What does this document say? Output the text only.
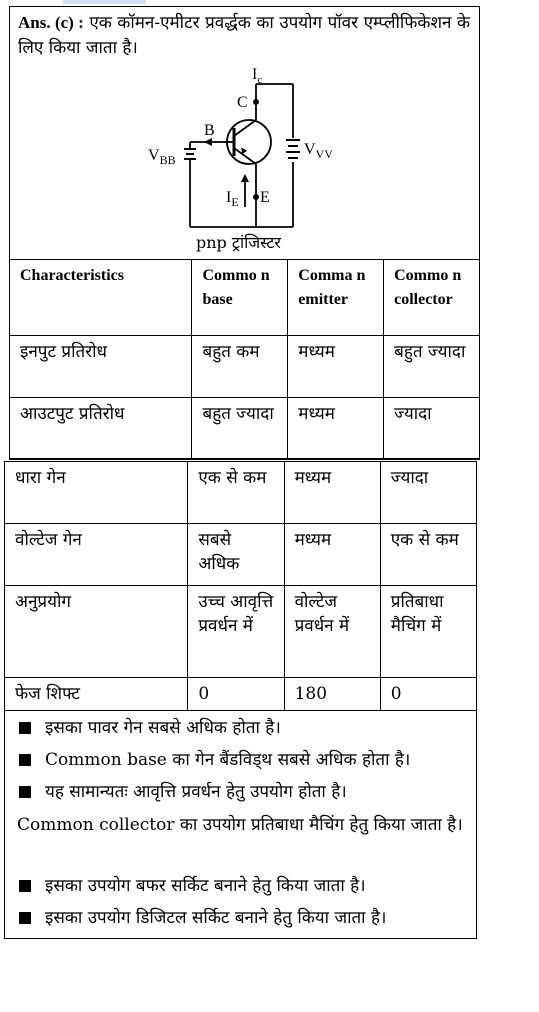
Ans. (c) : एक कॉमन-एमीटर प्रवर्द्धक का उपयोग पॉवर एम्प्लीफिकेशन के लिए किया जाता है।
$I_c$
C
B
$V_{BB}$
$V_{VV}$
$I_E$ E
pnp ट्रांजिस्टर
Characteristics	Commo n base	Comma n emitter	Commo n collector
इनपुट प्रतिरोध	बहुत कम	मध्यम	बहुत ज्यादा
आउटपुट प्रतिरोध	बहुत ज्यादा	मध्यम	ज्यादा
धारा गेन	एक से कम	मध्यम	ज्यादा
वोल्टेज गेन	सबसे अधिक	मध्यम	एक से कम
अनुप्रयोग	उच्च आवृत्ति प्रवर्धन में	वोल्टेज प्रवर्धन में	प्रतिबाधा मैचिंग में
फेज शिफ्ट	0	180	0
इसका पावर गेन सबसे अधिक होता है।
Common base का गेन बैंडविड्थ सबसे अधिक होता है।
यह सामान्यतः आवृत्ति प्रवर्धन हेतु उपयोग होता है।
Common collector का उपयोग प्रतिबाधा मैचिंग हेतु किया जाता है।
इसका उपयोग बफर सर्किट बनाने हेतु किया जाता है।
इसका उपयोग डिजिटल सर्किट बनाने हेतु किया जाता है।
